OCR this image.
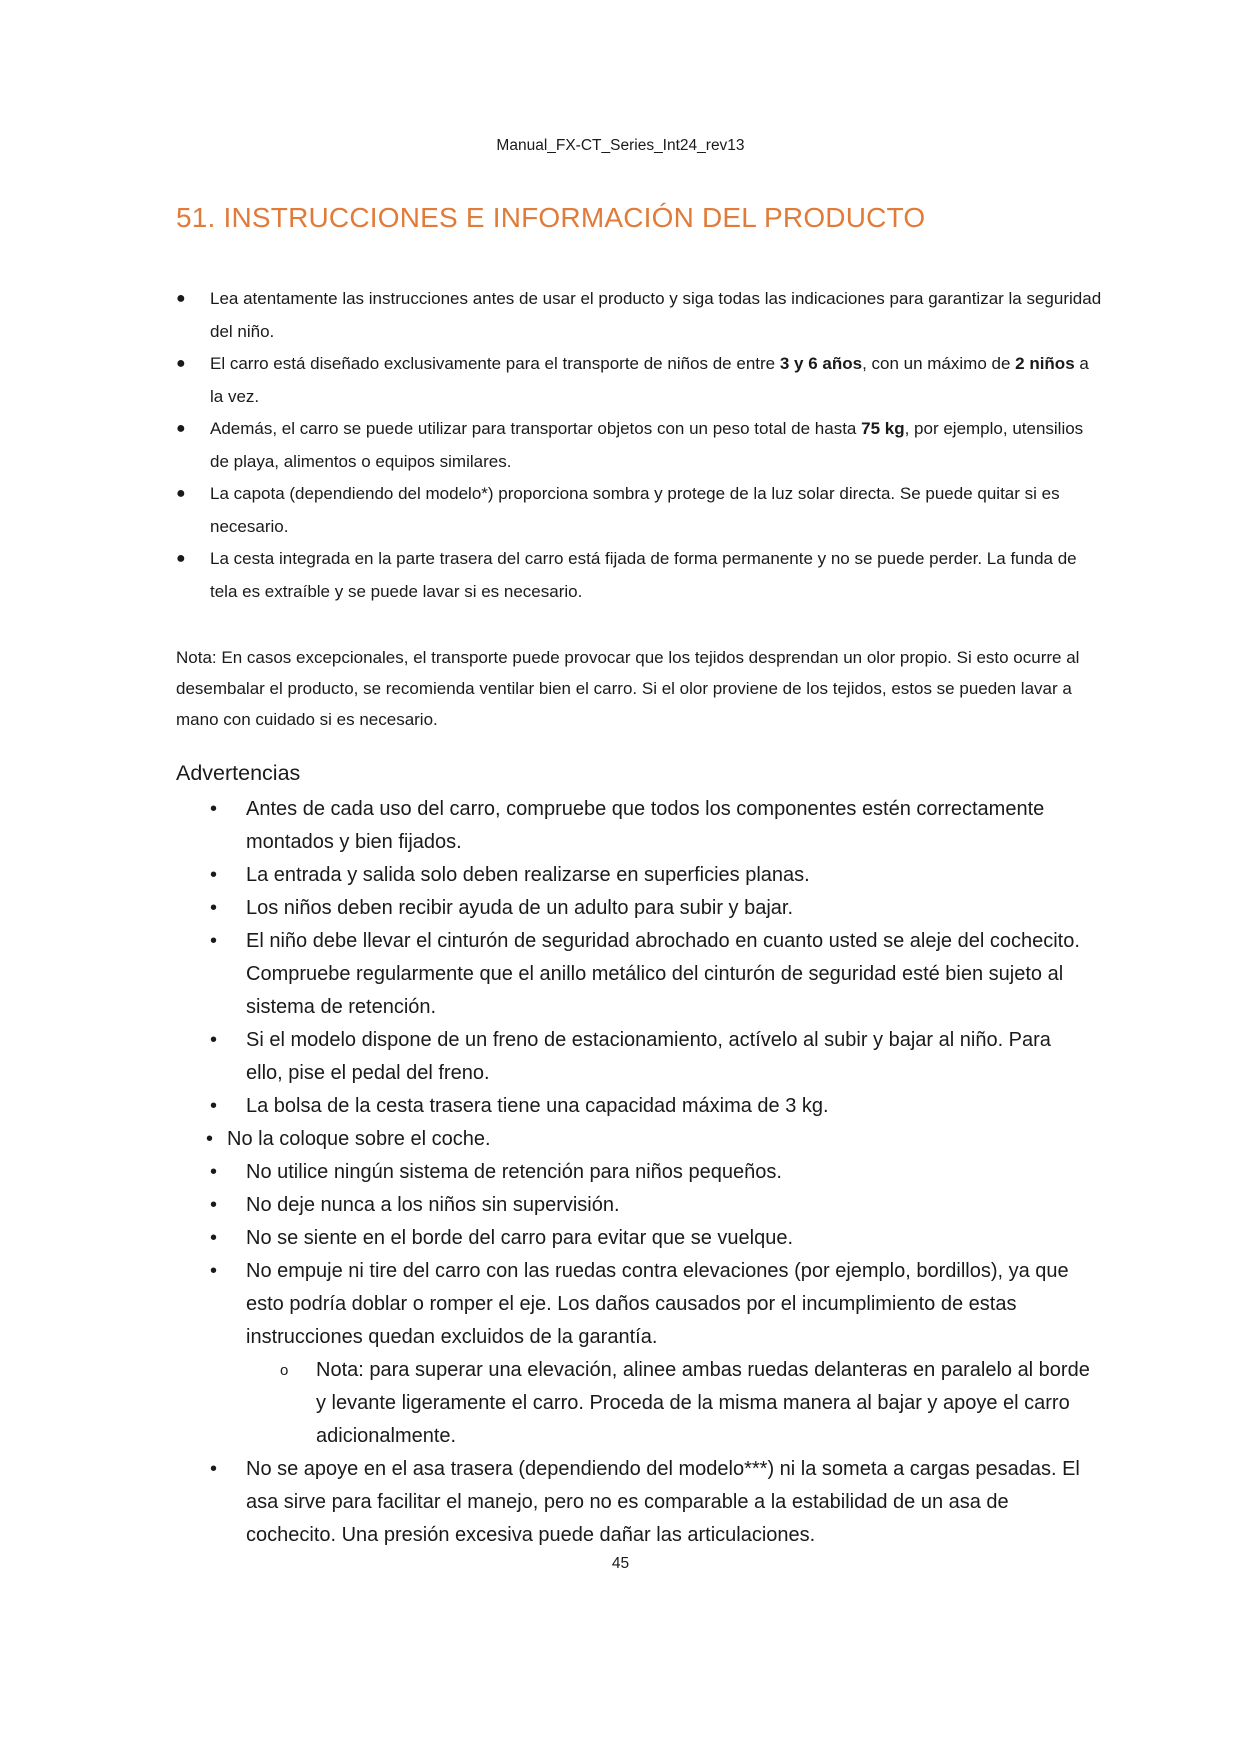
Manual_FX-CT_Series_Int24_rev13
51. INSTRUCCIONES E INFORMACIÓN DEL PRODUCTO
● Lea atentamente las instrucciones antes de usar el producto y siga todas las indicaciones para garantizar la seguridad del niño.
● El carro está diseñado exclusivamente para el transporte de niños de entre 3 y 6 años, con un máximo de 2 niños a la vez.
● Además, el carro se puede utilizar para transportar objetos con un peso total de hasta 75 kg, por ejemplo, utensilios de playa, alimentos o equipos similares.
● La capota (dependiendo del modelo*) proporciona sombra y protege de la luz solar directa. Se puede quitar si es necesario.
● La cesta integrada en la parte trasera del carro está fijada de forma permanente y no se puede perder. La funda de tela es extraíble y se puede lavar si es necesario.

Nota: En casos excepcionales, el transporte puede provocar que los tejidos desprendan un olor propio. Si esto ocurre al desembalar el producto, se recomienda ventilar bien el carro. Si el olor proviene de los tejidos, estos se pueden lavar a mano con cuidado si es necesario.

Advertencias
• Antes de cada uso del carro, compruebe que todos los componentes estén correctamente montados y bien fijados.
• La entrada y salida solo deben realizarse en superficies planas.
• Los niños deben recibir ayuda de un adulto para subir y bajar.
• El niño debe llevar el cinturón de seguridad abrochado en cuanto usted se aleje del cochecito. Compruebe regularmente que el anillo metálico del cinturón de seguridad esté bien sujeto al sistema de retención.
• Si el modelo dispone de un freno de estacionamiento, actívelo al subir y bajar al niño. Para ello, pise el pedal del freno.
• La bolsa de la cesta trasera tiene una capacidad máxima de 3 kg.
• No la coloque sobre el coche.
• No utilice ningún sistema de retención para niños pequeños.
• No deje nunca a los niños sin supervisión.
• No se siente en el borde del carro para evitar que se vuelque.
• No empuje ni tire del carro con las ruedas contra elevaciones (por ejemplo, bordillos), ya que esto podría doblar o romper el eje. Los daños causados por el incumplimiento de estas instrucciones quedan excluidos de la garantía.
o Nota: para superar una elevación, alinee ambas ruedas delanteras en paralelo al borde y levante ligeramente el carro. Proceda de la misma manera al bajar y apoye el carro adicionalmente.
• No se apoye en el asa trasera (dependiendo del modelo***) ni la someta a cargas pesadas. El asa sirve para facilitar el manejo, pero no es comparable a la estabilidad de un asa de cochecito. Una presión excesiva puede dañar las articulaciones.
45
